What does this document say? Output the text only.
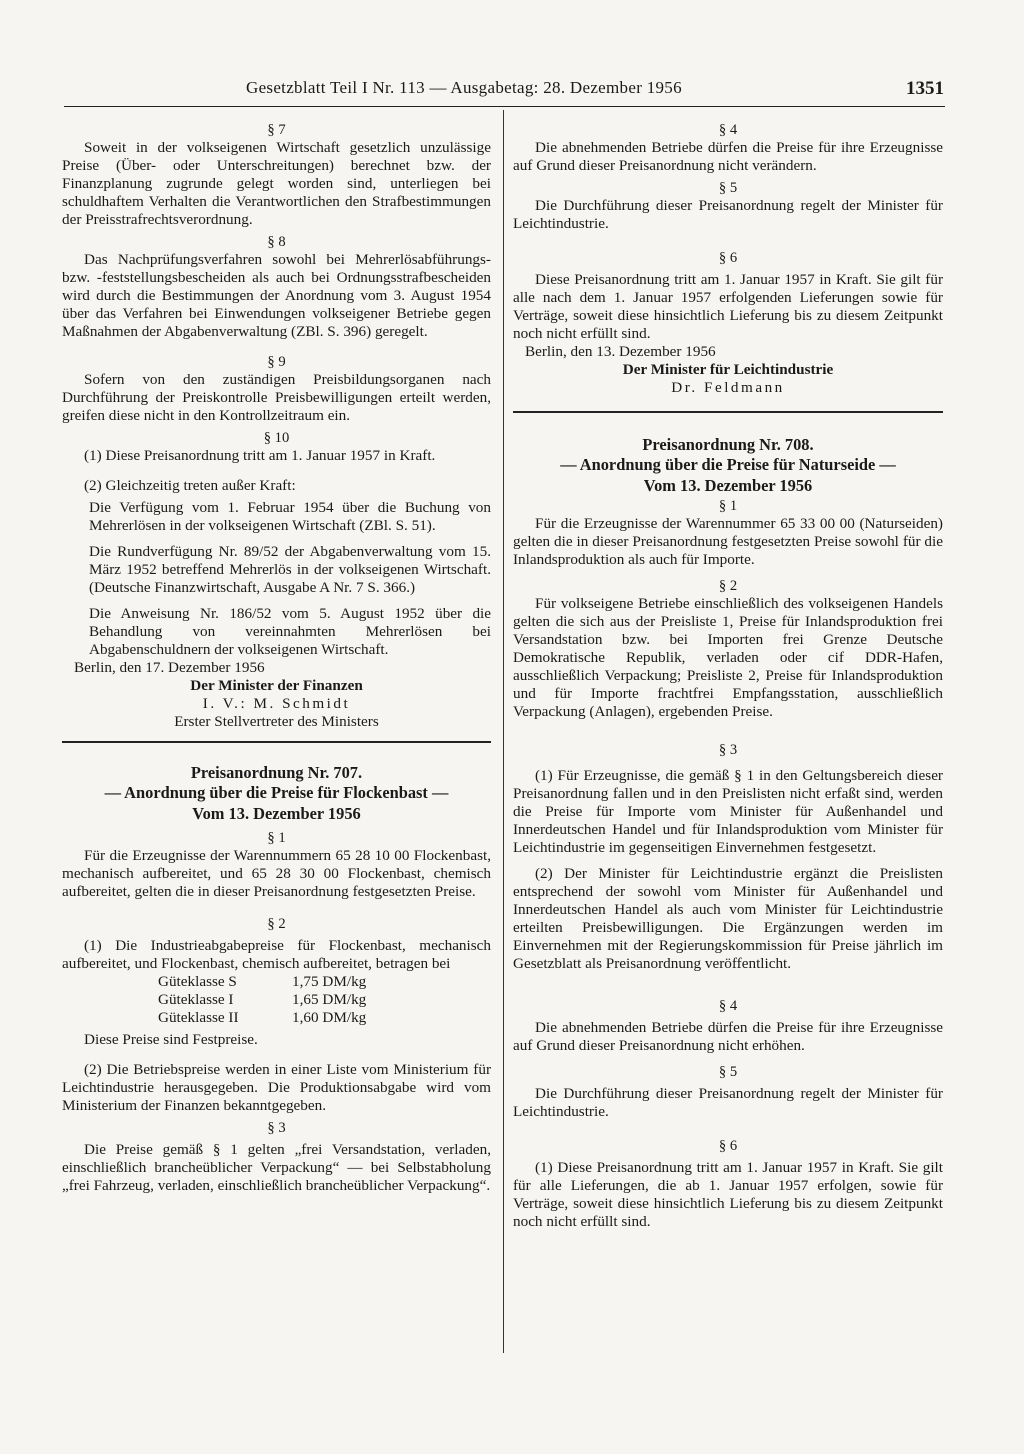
Gesetzblatt Teil I Nr. 113 — Ausgabetag: 28. Dezember 1956	1351

§ 7

Soweit in der volkseigenen Wirtschaft gesetzlich unzulässige Preise (Über- oder Unterschreitungen) berechnet bzw. der Finanzplanung zugrunde gelegt worden sind, unterliegen bei schuldhaftem Verhalten die Verantwortlichen den Strafbestimmungen der Preisstrafrechtsverordnung.

§ 8

Das Nachprüfungsverfahren sowohl bei Mehrerlösabführungs- bzw. -feststellungsbescheiden als auch bei Ordnungsstrafbescheiden wird durch die Bestimmungen der Anordnung vom 3. August 1954 über das Verfahren bei Einwendungen volkseigener Betriebe gegen Maßnahmen der Abgabenverwaltung (ZBl. S. 396) geregelt.

§ 9

Sofern von den zuständigen Preisbildungsorganen nach Durchführung der Preiskontrolle Preisbewilligungen erteilt werden, greifen diese nicht in den Kontrollzeitraum ein.

§ 10

(1) Diese Preisanordnung tritt am 1. Januar 1957 in Kraft.

(2) Gleichzeitig treten außer Kraft:

Die Verfügung vom 1. Februar 1954 über die Buchung von Mehrerlösen in der volkseigenen Wirtschaft (ZBl. S. 51).

Die Rundverfügung Nr. 89/52 der Abgabenverwaltung vom 15. März 1952 betreffend Mehrerlös in der volkseigenen Wirtschaft. (Deutsche Finanzwirtschaft, Ausgabe A Nr. 7 S. 366.)

Die Anweisung Nr. 186/52 vom 5. August 1952 über die Behandlung von vereinnahmten Mehrerlösen bei Abgabenschuldnern der volkseigenen Wirtschaft.

Berlin, den 17. Dezember 1956

Der Minister der Finanzen

I. V.: M. Schmidt

Erster Stellvertreter des Ministers

Preisanordnung Nr. 707.

— Anordnung über die Preise für Flockenbast —

Vom 13. Dezember 1956

§ 1

Für die Erzeugnisse der Warennummern 65 28 10 00 Flockenbast, mechanisch aufbereitet, und 65 28 30 00 Flockenbast, chemisch aufbereitet, gelten die in dieser Preisanordnung festgesetzten Preise.

§ 2

(1) Die Industrieabgabepreise für Flockenbast, mechanisch aufbereitet, und Flockenbast, chemisch aufbereitet, betragen bei

Güteklasse S	1,75 DM/kg
Güteklasse I	1,65 DM/kg
Güteklasse II	1,60 DM/kg

Diese Preise sind Festpreise.

(2) Die Betriebspreise werden in einer Liste vom Ministerium für Leichtindustrie herausgegeben. Die Produktionsabgabe wird vom Ministerium der Finanzen bekanntgegeben.

§ 3

Die Preise gemäß § 1 gelten „frei Versandstation, verladen, einschließlich brancheüblicher Verpackung“ — bei Selbstabholung „frei Fahrzeug, verladen, einschließlich brancheüblicher Verpackung“.

§ 4

Die abnehmenden Betriebe dürfen die Preise für ihre Erzeugnisse auf Grund dieser Preisanordnung nicht verändern.

§ 5

Die Durchführung dieser Preisanordnung regelt der Minister für Leichtindustrie.

§ 6

Diese Preisanordnung tritt am 1. Januar 1957 in Kraft. Sie gilt für alle nach dem 1. Januar 1957 erfolgenden Lieferungen sowie für Verträge, soweit diese hinsichtlich Lieferung bis zu diesem Zeitpunkt noch nicht erfüllt sind.

Berlin, den 13. Dezember 1956

Der Minister für Leichtindustrie

Dr. Feldmann

Preisanordnung Nr. 708.

— Anordnung über die Preise für Naturseide —

Vom 13. Dezember 1956

§ 1

Für die Erzeugnisse der Warennummer 65 33 00 00 (Naturseiden) gelten die in dieser Preisanordnung festgesetzten Preise sowohl für die Inlandsproduktion als auch für Importe.

§ 2

Für volkseigene Betriebe einschließlich des volkseigenen Handels gelten die sich aus der Preisliste 1, Preise für Inlandsproduktion frei Versandstation bzw. bei Importen frei Grenze Deutsche Demokratische Republik, verladen oder cif DDR-Hafen, ausschließlich Verpackung; Preisliste 2, Preise für Inlandsproduktion und für Importe frachtfrei Empfangsstation, ausschließlich Verpackung (Anlagen), ergebenden Preise.

§ 3

(1) Für Erzeugnisse, die gemäß § 1 in den Geltungsbereich dieser Preisanordnung fallen und in den Preislisten nicht erfaßt sind, werden die Preise für Importe vom Minister für Außenhandel und Innerdeutschen Handel und für Inlandsproduktion vom Minister für Leichtindustrie im gegenseitigen Einvernehmen festgesetzt.

(2) Der Minister für Leichtindustrie ergänzt die Preislisten entsprechend der sowohl vom Minister für Außenhandel und Innerdeutschen Handel als auch vom Minister für Leichtindustrie erteilten Preisbewilligungen. Die Ergänzungen werden im Einvernehmen mit der Regierungskommission für Preise jährlich im Gesetzblatt als Preisanordnung veröffentlicht.

§ 4

Die abnehmenden Betriebe dürfen die Preise für ihre Erzeugnisse auf Grund dieser Preisanordnung nicht erhöhen.

§ 5

Die Durchführung dieser Preisanordnung regelt der Minister für Leichtindustrie.

§ 6

(1) Diese Preisanordnung tritt am 1. Januar 1957 in Kraft. Sie gilt für alle Lieferungen, die ab 1. Januar 1957 erfolgen, sowie für Verträge, soweit diese hinsichtlich Lieferung bis zu diesem Zeitpunkt noch nicht erfüllt sind.
